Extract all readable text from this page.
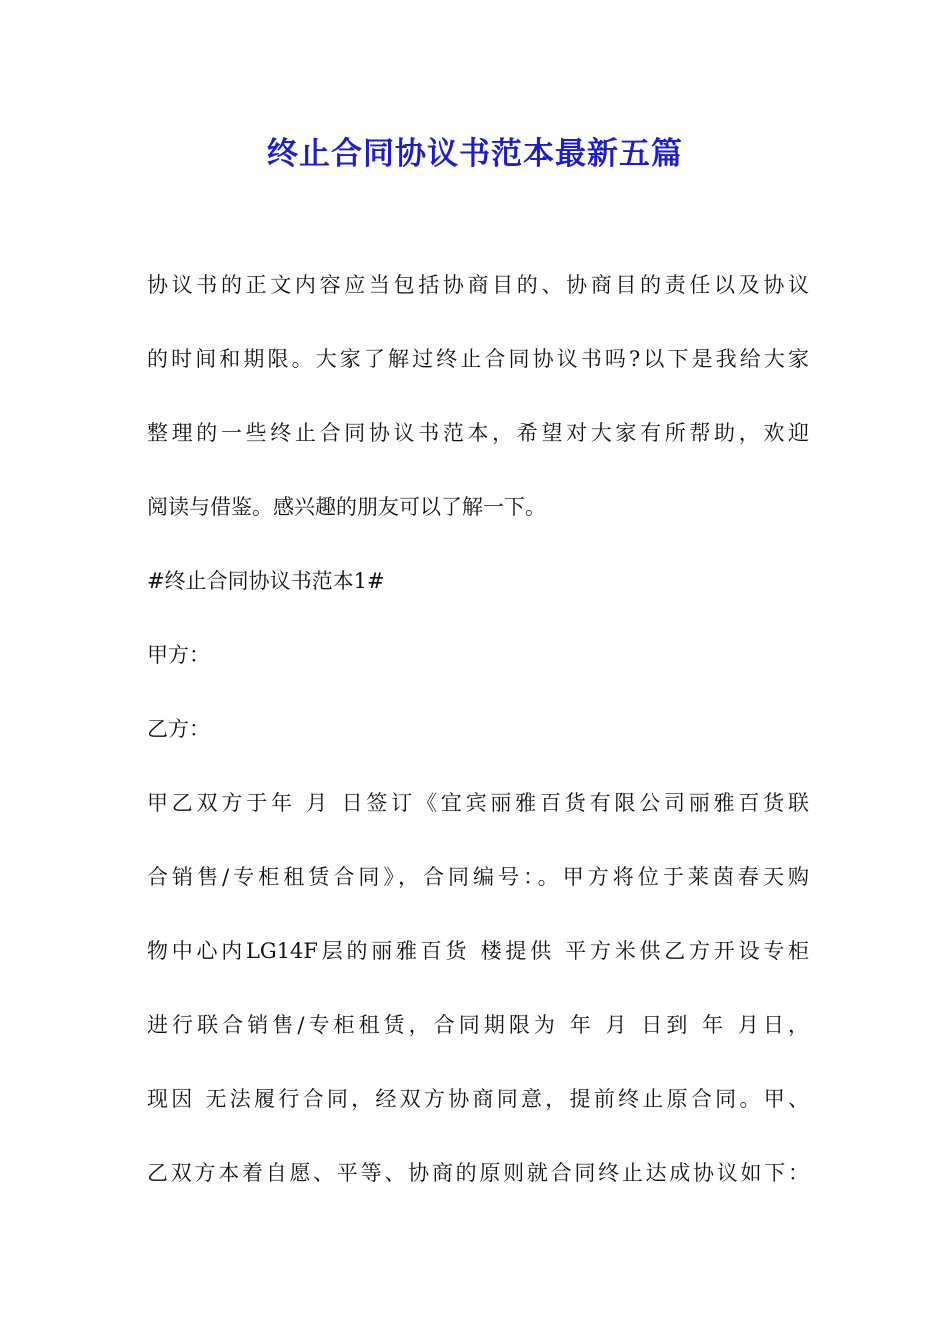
终止合同协议书范本最新五篇
协议书的正文内容应当包括协商目的、协商目的责任以及协议
的时间和期限。大家了解过终止合同协议书吗?以下是我给大家
整理的一些终止合同协议书范本，希望对大家有所帮助，欢迎
阅读与借鉴。感兴趣的朋友可以了解一下。
#终止合同协议书范本1#
甲方：
乙方：
甲乙双方于年 月 日签订《宜宾丽雅百货有限公司丽雅百货联
合销售/专柜租赁合同》，合同编号：。甲方将位于莱茵春天购
物中心内LG14F层的丽雅百货 楼提供 平方米供乙方开设专柜
进行联合销售/专柜租赁，合同期限为 年 月 日到 年 月日，
现因 无法履行合同，经双方协商同意，提前终止原合同。甲、
乙双方本着自愿、平等、协商的原则就合同终止达成协议如下：
